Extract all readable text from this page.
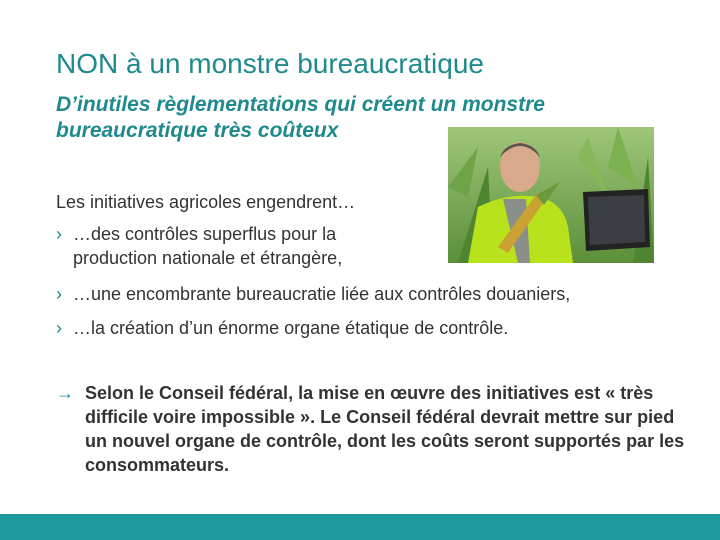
NON à un monstre bureaucratique
D’inutiles règlementations qui créent un monstre bureaucratique très coûteux
Les initiatives agricoles engendrent…
› …des contrôles superflus pour la production nationale et étrangère,
› …une encombrante bureaucratie liée aux contrôles douaniers,
› …la création d’un énorme organe étatique de contrôle.
→ Selon le Conseil fédéral, la mise en œuvre des initiatives est « très difficile voire impossible ». Le Conseil fédéral devrait mettre sur pied un nouvel organe de contrôle, dont les coûts seront supportés par les consommateurs.
